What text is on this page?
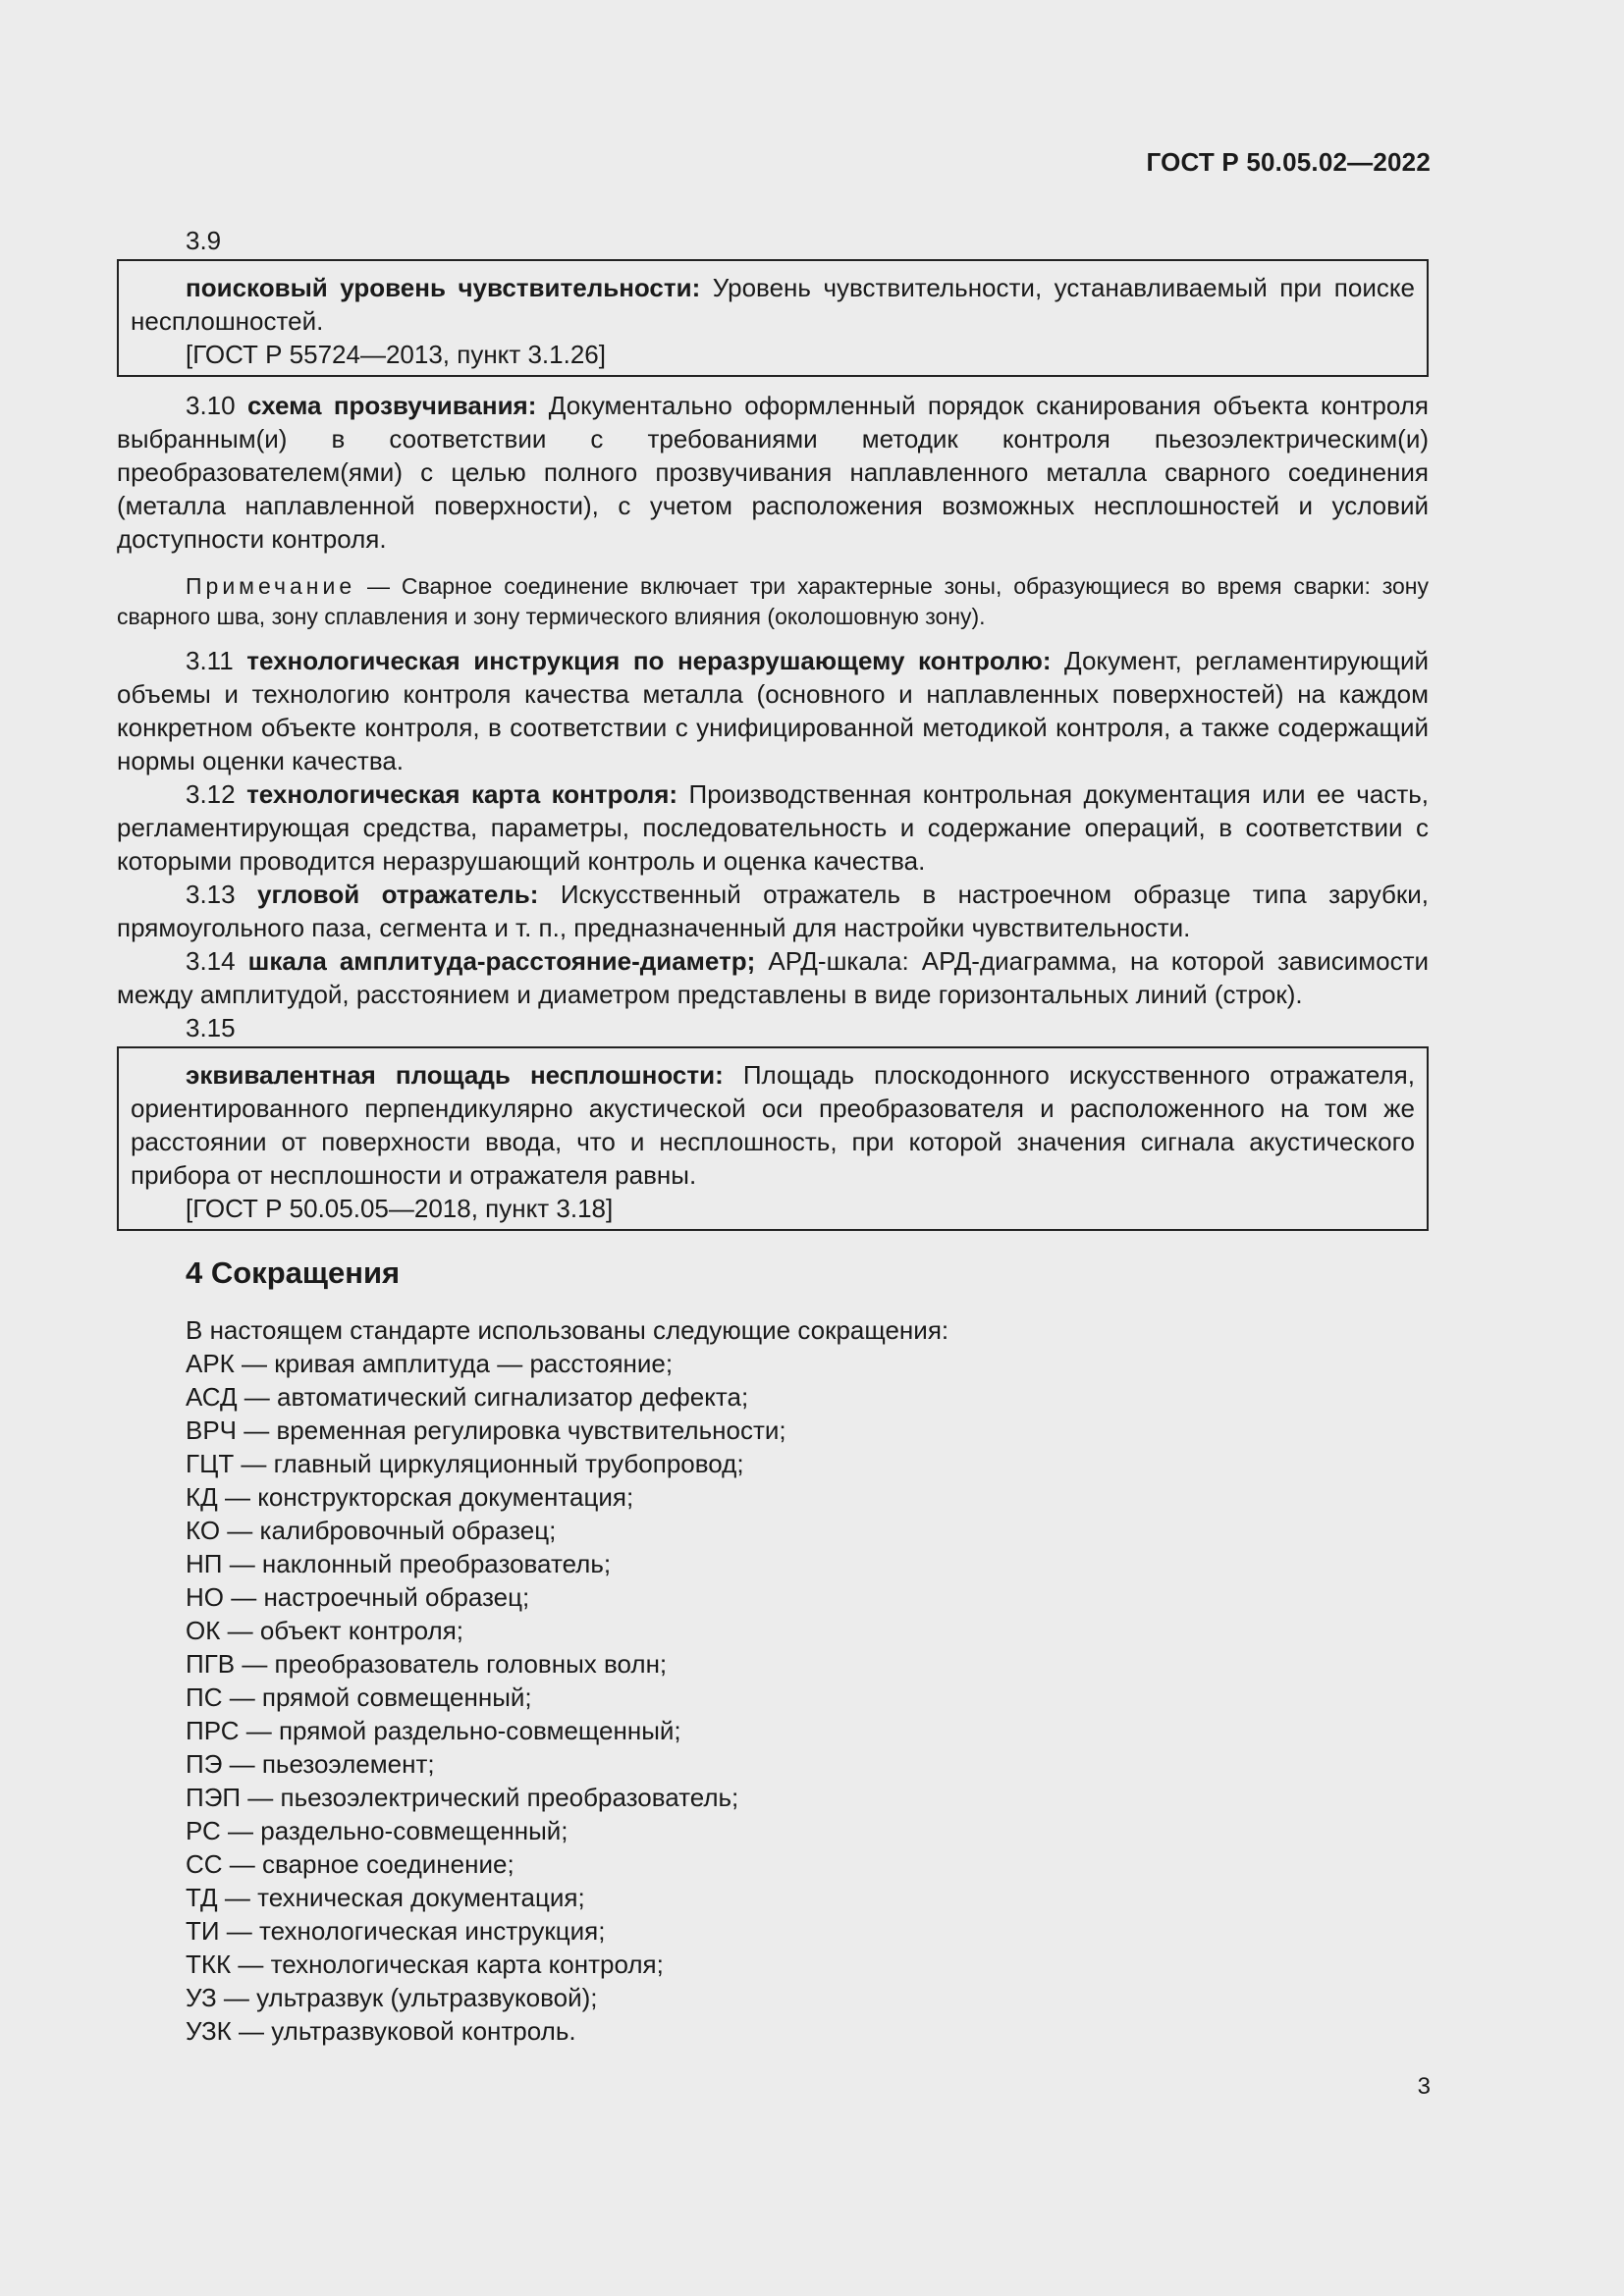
ГОСТ Р 50.05.02—2022

3.9

поисковый уровень чувствительности: Уровень чувствительности, устанавливаемый при поиске несплошностей.

[ГОСТ Р 55724—2013, пункт 3.1.26]

3.10 схема прозвучивания: Документально оформленный порядок сканирования объекта контроля выбранным(и) в соответствии с требованиями методик контроля пьезоэлектрическим(и) преобразователем(ями) с целью полного прозвучивания наплавленного металла сварного соединения (металла наплавленной поверхности), с учетом расположения возможных несплошностей и условий доступности контроля.

Примечание — Сварное соединение включает три характерные зоны, образующиеся во время сварки: зону сварного шва, зону сплавления и зону термического влияния (околошовную зону).

3.11 технологическая инструкция по неразрушающему контролю: Документ, регламентирующий объемы и технологию контроля качества металла (основного и наплавленных поверхностей) на каждом конкретном объекте контроля, в соответствии с унифицированной методикой контроля, а также содержащий нормы оценки качества.

3.12 технологическая карта контроля: Производственная контрольная документация или ее часть, регламентирующая средства, параметры, последовательность и содержание операций, в соответствии с которыми проводится неразрушающий контроль и оценка качества.

3.13 угловой отражатель: Искусственный отражатель в настроечном образце типа зарубки, прямоугольного паза, сегмента и т. п., предназначенный для настройки чувствительности.

3.14 шкала амплитуда-расстояние-диаметр; АРД-шкала: АРД-диаграмма, на которой зависимости между амплитудой, расстоянием и диаметром представлены в виде горизонтальных линий (строк).

3.15

эквивалентная площадь несплошности: Площадь плоскодонного искусственного отражателя, ориентированного перпендикулярно акустической оси преобразователя и расположенного на том же расстоянии от поверхности ввода, что и несплошность, при которой значения сигнала акустического прибора от несплошности и отражателя равны.

[ГОСТ Р 50.05.05—2018, пункт 3.18]

4 Сокращения

В настоящем стандарте использованы следующие сокращения:

АРК — кривая амплитуда — расстояние;

АСД — автоматический сигнализатор дефекта;

ВРЧ — временная регулировка чувствительности;

ГЦТ — главный циркуляционный трубопровод;

КД — конструкторская документация;

КО — калибровочный образец;

НП — наклонный преобразователь;

НО — настроечный образец;

ОК — объект контроля;

ПГВ — преобразователь головных волн;

ПС — прямой совмещенный;

ПРС — прямой раздельно-совмещенный;

ПЭ — пьезоэлемент;

ПЭП — пьезоэлектрический преобразователь;

РС — раздельно-совмещенный;

СС — сварное соединение;

ТД — техническая документация;

ТИ — технологическая инструкция;

ТКК — технологическая карта контроля;

УЗ — ультразвук (ультразвуковой);

УЗК — ультразвуковой контроль.

3
